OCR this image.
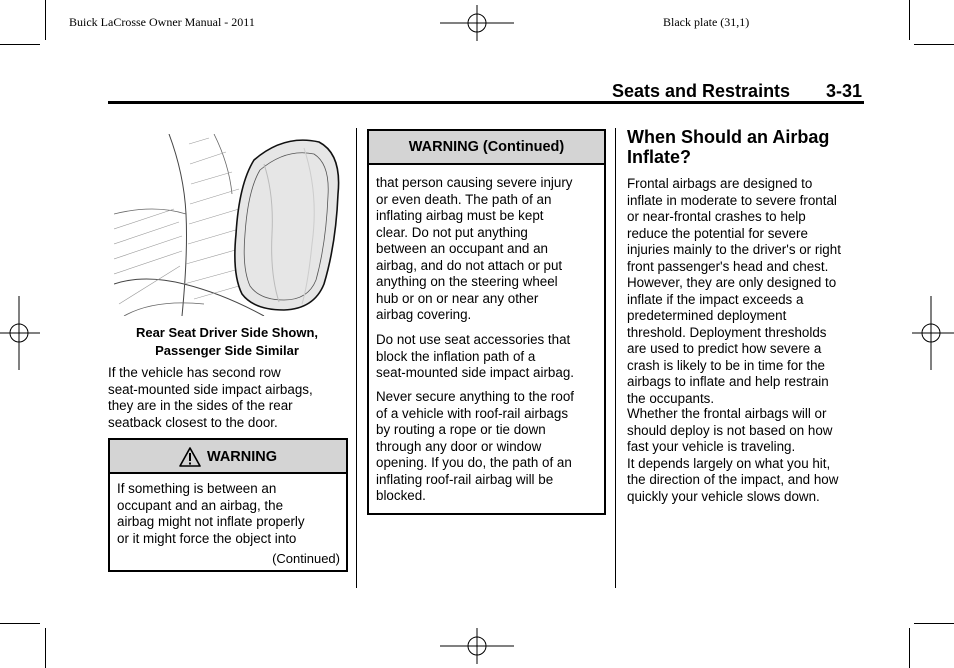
Buick LaCrosse Owner Manual - 2011	Black plate (31,1)
Seats and Restraints 3-31
Rear Seat Driver Side Shown,
Passenger Side Similar
If the vehicle has second row
seat-mounted side impact airbags,
they are in the sides of the rear
seatback closest to the door.
WARNING
If something is between an
occupant and an airbag, the
airbag might not inflate properly
or it might force the object into
(Continued)
WARNING (Continued)
that person causing severe injury
or even death. The path of an
inflating airbag must be kept
clear. Do not put anything
between an occupant and an
airbag, and do not attach or put
anything on the steering wheel
hub or on or near any other
airbag covering.
Do not use seat accessories that
block the inflation path of a
seat-mounted side impact airbag.
Never secure anything to the roof
of a vehicle with roof-rail airbags
by routing a rope or tie down
through any door or window
opening. If you do, the path of an
inflating roof-rail airbag will be
blocked.
When Should an Airbag
Inflate?
Frontal airbags are designed to
inflate in moderate to severe frontal
or near-frontal crashes to help
reduce the potential for severe
injuries mainly to the driver's or right
front passenger's head and chest.
However, they are only designed to
inflate if the impact exceeds a
predetermined deployment
threshold. Deployment thresholds
are used to predict how severe a
crash is likely to be in time for the
airbags to inflate and help restrain
the occupants.
Whether the frontal airbags will or
should deploy is not based on how
fast your vehicle is traveling.
It depends largely on what you hit,
the direction of the impact, and how
quickly your vehicle slows down.
